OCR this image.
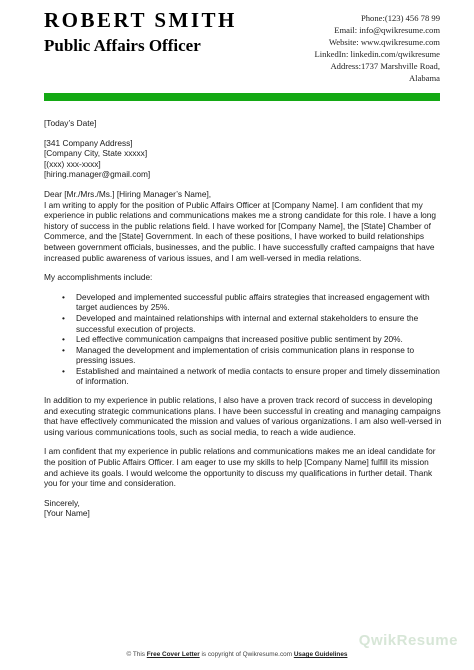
ROBERT SMITH
Public Affairs Officer
Phone:(123) 456 78 99
Email: info@qwikresume.com
Website: www.qwikresume.com
LinkedIn: linkedin.com/qwikresume
Address:1737 Marshville Road,
Alabama

[Today’s Date]

[341 Company Address]

[Company City, State xxxxx]

[(xxx) xxx-xxxx]

[hiring.manager@gmail.com]

Dear [Mr./Mrs./Ms.] [Hiring Manager’s Name],

I am writing to apply for the position of Public Affairs Officer at [Company Name]. I am confident that my experience in public relations and communications makes me a strong candidate for this role. I have a long history of success in the public relations field. I have worked for [Company Name], the [State] Chamber of Commerce, and the [State] Government. In each of these positions, I have worked to build relationships between government officials, businesses, and the public. I have successfully crafted campaigns that have increased public awareness of various issues, and I am well-versed in media relations.

My accomplishments include:

• Developed and implemented successful public affairs strategies that increased engagement with target audiences by 25%.
• Developed and maintained relationships with internal and external stakeholders to ensure the successful execution of projects.
• Led effective communication campaigns that increased positive public sentiment by 20%.
• Managed the development and implementation of crisis communication plans in response to pressing issues.
• Established and maintained a network of media contacts to ensure proper and timely dissemination of information.

In addition to my experience in public relations, I also have a proven track record of success in developing and executing strategic communications plans. I have been successful in creating and managing campaigns that have effectively communicated the mission and values of various organizations. I am also well-versed in using various communications tools, such as social media, to reach a wide audience.

I am confident that my experience in public relations and communications makes me an ideal candidate for the position of Public Affairs Officer. I am eager to use my skills to help [Company Name] fulfill its mission and achieve its goals. I would welcome the opportunity to discuss my qualifications in further detail. Thank you for your time and consideration.

Sincerely,

[Your Name]

QwikResume
© This Free Cover Letter is copyright of Qwikresume.com Usage Guidelines
